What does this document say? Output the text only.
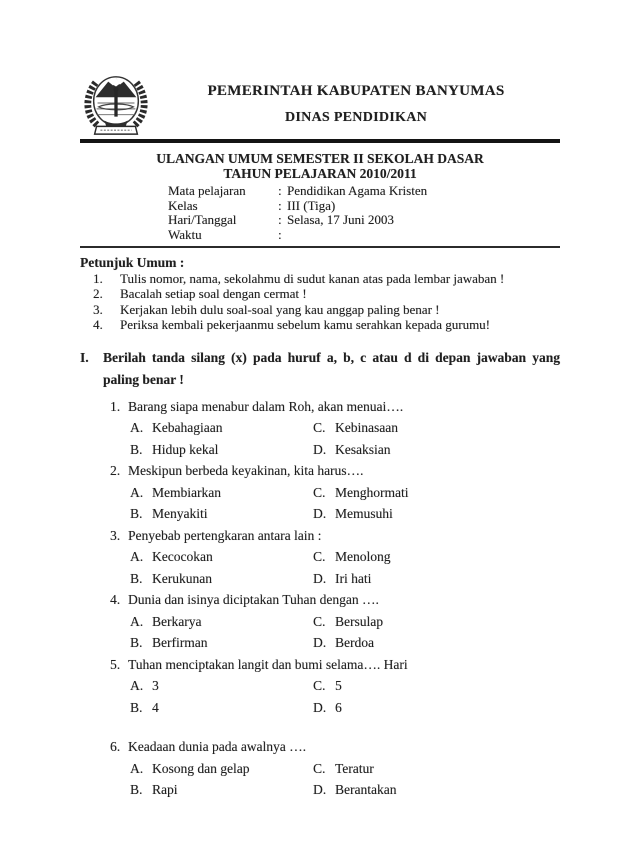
PEMERINTAH KABUPATEN BANYUMAS
DINAS PENDIDIKAN
ULANGAN UMUM SEMESTER II SEKOLAH DASAR
TAHUN PELAJARAN 2010/2011
Mata pelajaran : Pendidikan Agama Kristen
Kelas	: III (Tiga)
Hari/Tanggal	: Selasa, 17 Juni 2003
Waktu	:
Petunjuk Umum :
1. Tulis nomor, nama, sekolahmu di sudut kanan atas pada lembar jawaban !
2. Bacalah setiap soal dengan cermat !
3. Kerjakan lebih dulu soal-soal yang kau anggap paling benar !
4. Periksa kembali pekerjaanmu sebelum kamu serahkan kepada gurumu!
I. Berilah tanda silang (x) pada huruf a, b, c atau d di depan jawaban yang paling benar !
1. Barang siapa menabur dalam Roh, akan menuai….
A. Kebahagiaan
B. Hidup kekal
C. Kebinasaan
D. Kesaksian
2. Meskipun berbeda keyakinan, kita harus….
A. Membiarkan
B. Menyakiti
C. Menghormati
D. Memusuhi
3. Penyebab pertengkaran antara lain :
A. Kecocokan
B. Kerukunan
C. Menolong
D. Iri hati
4. Dunia dan isinya diciptakan Tuhan dengan ….
A. Berkarya
B. Berfirman
C. Bersulap
D. Berdoa
5. Tuhan menciptakan langit dan bumi selama…. Hari
A. 3
B. 4
C. 5
D. 6
6. Keadaan dunia pada awalnya ….
A. Kosong dan gelap
B. Rapi
C. Teratur
D. Berantakan
